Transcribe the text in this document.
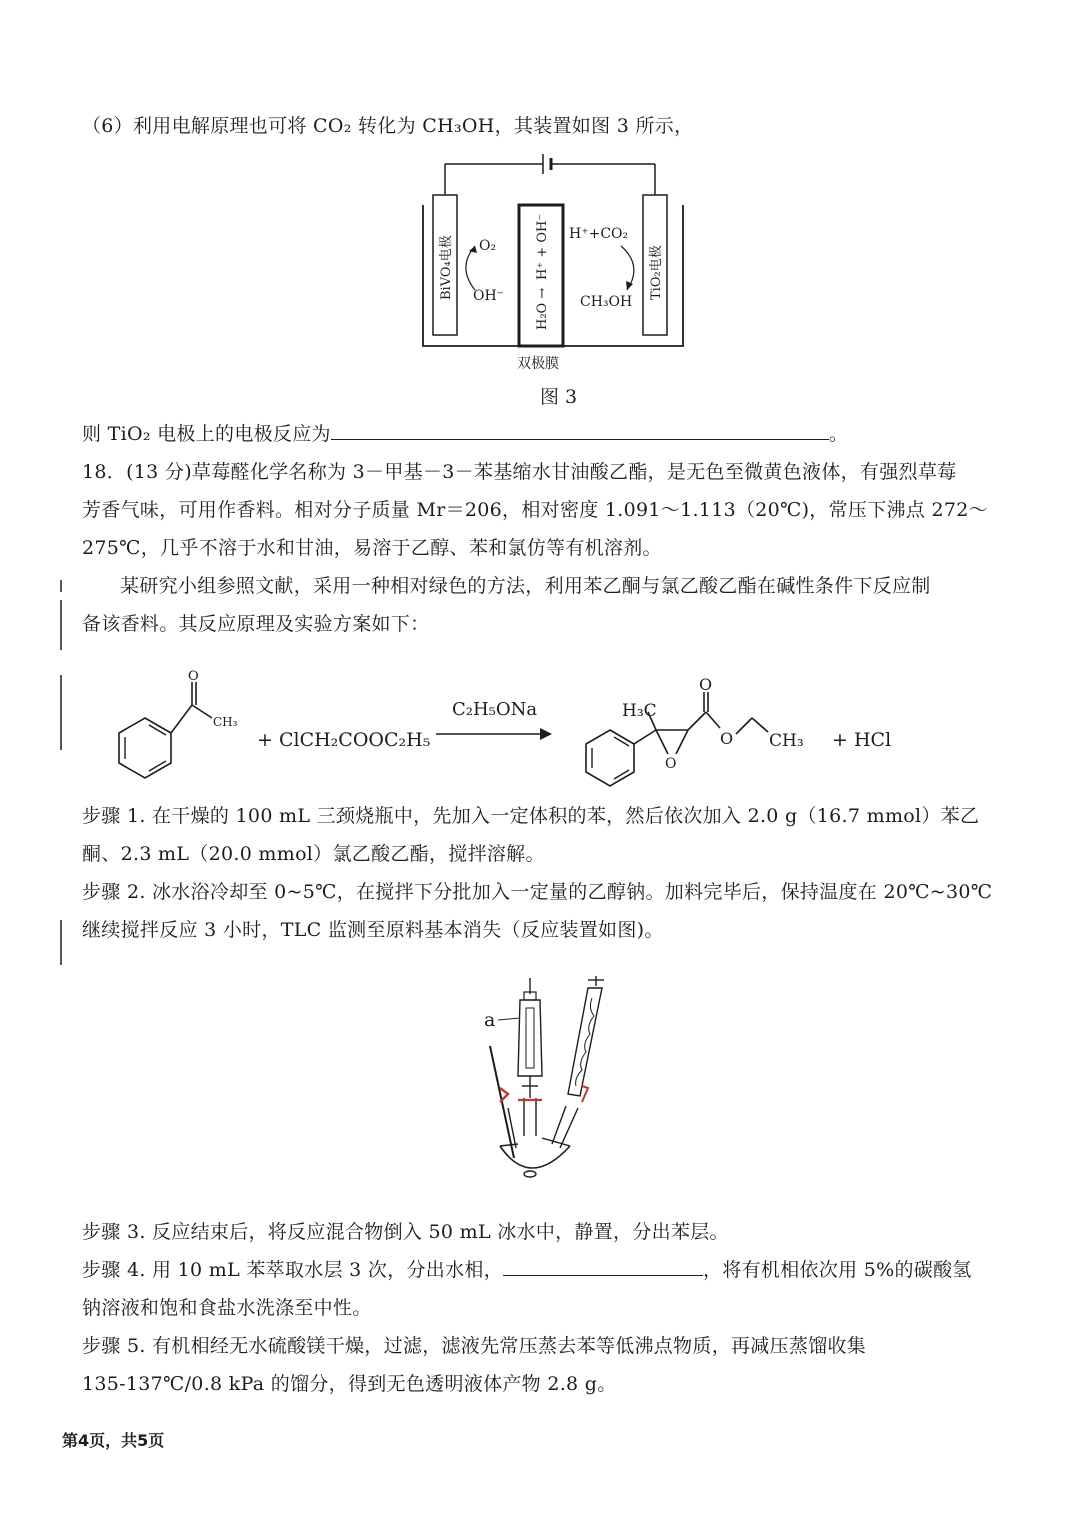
（6）利用电解原理也可将 CO₂ 转化为 CH₃OH，其装置如图 3 所示，
BiVO₄电极	TiO₂电极
H⁺ + OH⁻
H₂O →
O₂
OH⁻
H⁺+CO₂
CH₃OH
双极膜
图 3
则 TiO₂ 电极上的电极反应为	。
18．(13 分)草莓醛化学名称为 3－甲基－3－苯基缩水甘油酸乙酯，是无色至微黄色液体，有强烈草莓
芳香气味，可用作香料。相对分子质量 Mr＝206，相对密度 1.091～1.113（20℃)，常压下沸点 272～
275℃，几乎不溶于水和甘油，易溶于乙醇、苯和氯仿等有机溶剂。
某研究小组参照文献，采用一种相对绿色的方法，利用苯乙酮与氯乙酸乙酯在碱性条件下反应制
备该香料。其反应原理及实验方案如下：
O
CH₃
+ ClCH₂COOC₂H₅
C₂H₅ONa
O
H₃C
O
O CH₃ + HCl
步骤 1. 在干燥的 100 mL 三颈烧瓶中，先加入一定体积的苯，然后依次加入 2.0 g（16.7 mmol）苯乙
酮、2.3 mL（20.0 mmol）氯乙酸乙酯，搅拌溶解。
步骤 2. 冰水浴冷却至 0~5℃，在搅拌下分批加入一定量的乙醇钠。加料完毕后，保持温度在 20℃~30℃
继续搅拌反应 3 小时，TLC 监测至原料基本消失（反应装置如图)。
a
步骤 3. 反应结束后，将反应混合物倒入 50 mL 冰水中，静置，分出苯层。
步骤 4. 用 10 mL 苯萃取水层 3 次，分出水相，	，将有机相依次用 5%的碳酸氢
钠溶液和饱和食盐水洗涤至中性。
步骤 5. 有机相经无水硫酸镁干燥，过滤，滤液先常压蒸去苯等低沸点物质，再减压蒸馏收集
135-137℃/0.8 kPa 的馏分，得到无色透明液体产物 2.8 g。
第4页，共5页
